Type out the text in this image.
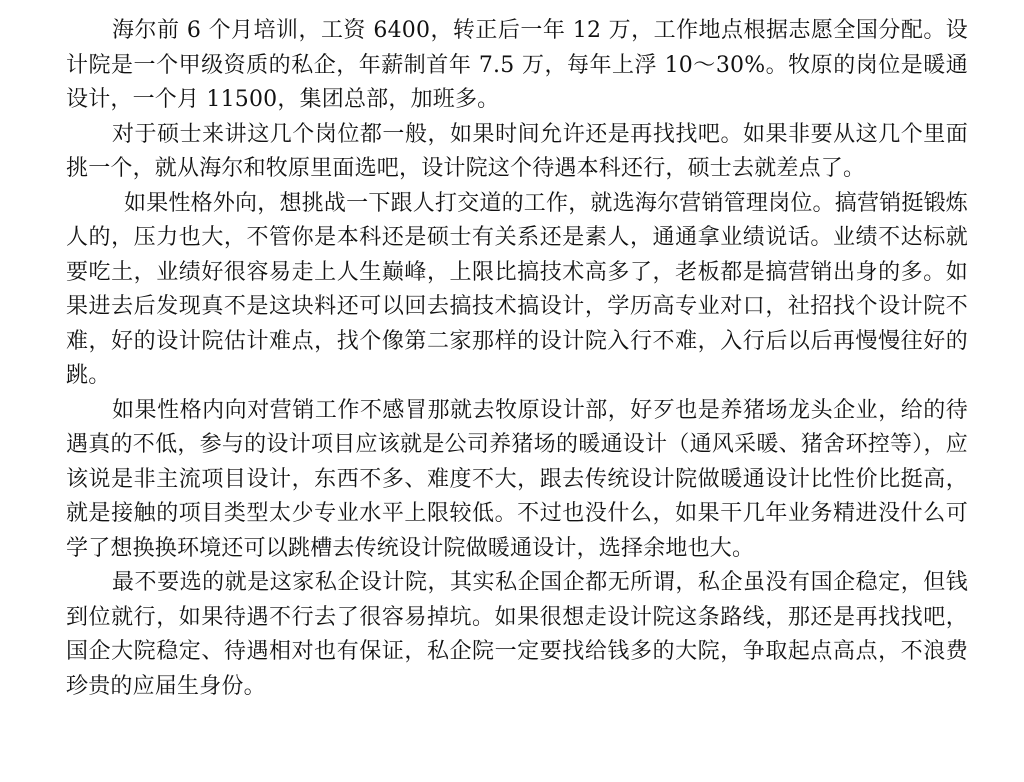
海尔前 6 个月培训，工资 6400，转正后一年 12 万，工作地点根据志愿全国分配。设计院是一个甲级资质的私企，年薪制首年 7.5 万，每年上浮 10～30%。牧原的岗位是暖通设计，一个月 11500，集团总部，加班多。

对于硕士来讲这几个岗位都一般，如果时间允许还是再找找吧。如果非要从这几个里面挑一个，就从海尔和牧原里面选吧，设计院这个待遇本科还行，硕士去就差点了。

如果性格外向，想挑战一下跟人打交道的工作，就选海尔营销管理岗位。搞营销挺锻炼人的，压力也大，不管你是本科还是硕士有关系还是素人，通通拿业绩说话。业绩不达标就要吃土，业绩好很容易走上人生巅峰，上限比搞技术高多了，老板都是搞营销出身的多。如果进去后发现真不是这块料还可以回去搞技术搞设计，学历高专业对口，社招找个设计院不难，好的设计院估计难点，找个像第二家那样的设计院入行不难，入行后以后再慢慢往好的跳。

如果性格内向对营销工作不感冒那就去牧原设计部，好歹也是养猪场龙头企业，给的待遇真的不低，参与的设计项目应该就是公司养猪场的暖通设计（通风采暖、猪舍环控等），应该说是非主流项目设计，东西不多、难度不大，跟去传统设计院做暖通设计比性价比挺高，就是接触的项目类型太少专业水平上限较低。不过也没什么，如果干几年业务精进没什么可学了想换换环境还可以跳槽去传统设计院做暖通设计，选择余地也大。

最不要选的就是这家私企设计院，其实私企国企都无所谓，私企虽没有国企稳定，但钱到位就行，如果待遇不行去了很容易掉坑。如果很想走设计院这条路线，那还是再找找吧，国企大院稳定、待遇相对也有保证，私企院一定要找给钱多的大院，争取起点高点，不浪费珍贵的应届生身份。
